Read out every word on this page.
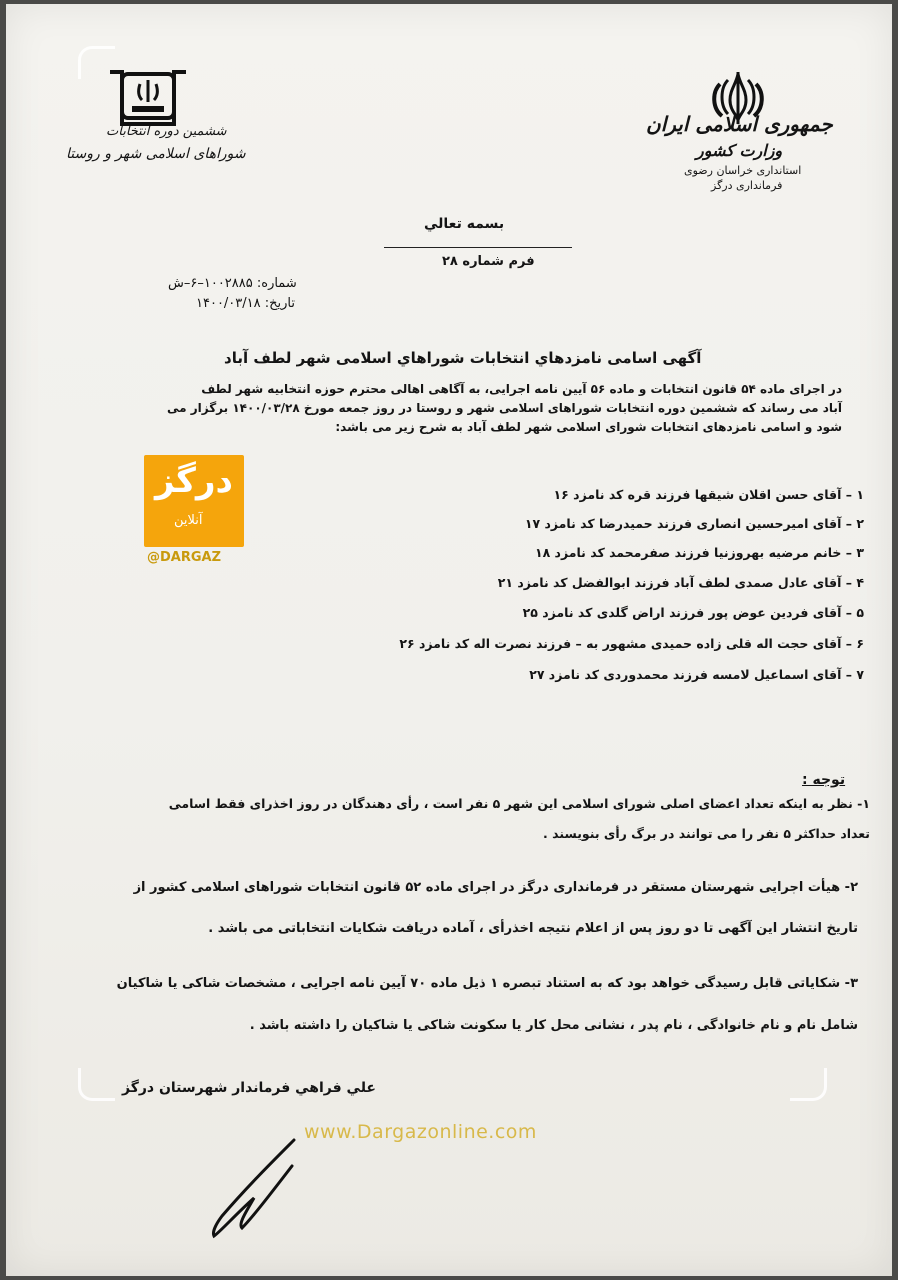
جمهوری اسلامی ایران
وزارت کشور
استانداری خراسان رضوی
فرمانداری درگز
ششمین دوره انتخابات
شوراهای اسلامی شهر و روستا
بسمه تعالي
فرم شماره ۲۸
شماره: ۱۰۰۲۸۸۵–۶–ش
تاريخ: ۱۴۰۰/۰۳/۱۸
آگهی اسامی نامزدهاي انتخابات شوراهاي اسلامی شهر لطف آباد
در اجرای ماده ۵۴ قانون انتخابات و ماده ۵۶ آیین نامه اجرایی، به آگاهی اهالی محترم حوزه انتخابیه شهر لطف
آباد می رساند که ششمین دوره انتخابات شوراهای اسلامی شهر و روستا در روز جمعه مورخ ۱۴۰۰/۰۳/۲۸ برگزار می
شود و اسامی نامزدهای انتخابات شورای اسلامی شهر لطف آباد به شرح زیر می باشد:
۱ – آقای حسن اقلان شیقها فرزند قره کد نامزد ۱۶
۲ – آقای امیرحسین انصاری فرزند حمیدرضا کد نامزد ۱۷
۳ – خانم مرضیه بهروزنیا فرزند صفرمحمد کد نامزد ۱۸
۴ – آقای عادل صمدی لطف آباد فرزند ابوالفضل کد نامزد ۲۱
۵ – آقای فردین عوض پور فرزند اراض گلدی کد نامزد ۲۵
۶ – آقای حجت اله قلی زاده حمیدی مشهور به – فرزند نصرت اله کد نامزد ۲۶
۷ – آقای اسماعیل لامسه فرزند محمدوردی کد نامزد ۲۷
توجه :
۱- نظر به اینکه تعداد اعضای اصلی شورای اسلامی این شهر ۵ نفر است ، رأی دهندگان در روز اخذرای فقط اسامی
تعداد حداکثر ۵ نفر را می توانند در برگ رأی بنویسند .
۲- هیأت اجرایی شهرستان مستقر در فرمانداری درگز در اجرای ماده ۵۲ قانون انتخابات شوراهای اسلامی کشور از
تاریخ انتشار این آگهی تا دو روز پس از اعلام نتیجه اخذرأی ، آماده دریافت شکایات انتخاباتی می باشد .
۳- شکایاتی قابل رسیدگی خواهد بود که به استناد تبصره ۱ ذیل ماده ۷۰ آیین نامه اجرایی ، مشخصات شاکی یا شاکیان
شامل نام و نام خانوادگی ، نام پدر ، نشانی محل کار یا سکونت شاکی یا شاکیان را داشته باشد .
علي فراهي فرماندار شهرستان درگز
درگز
آنلاین
@DARGAZ
www.Dargazonline.com
